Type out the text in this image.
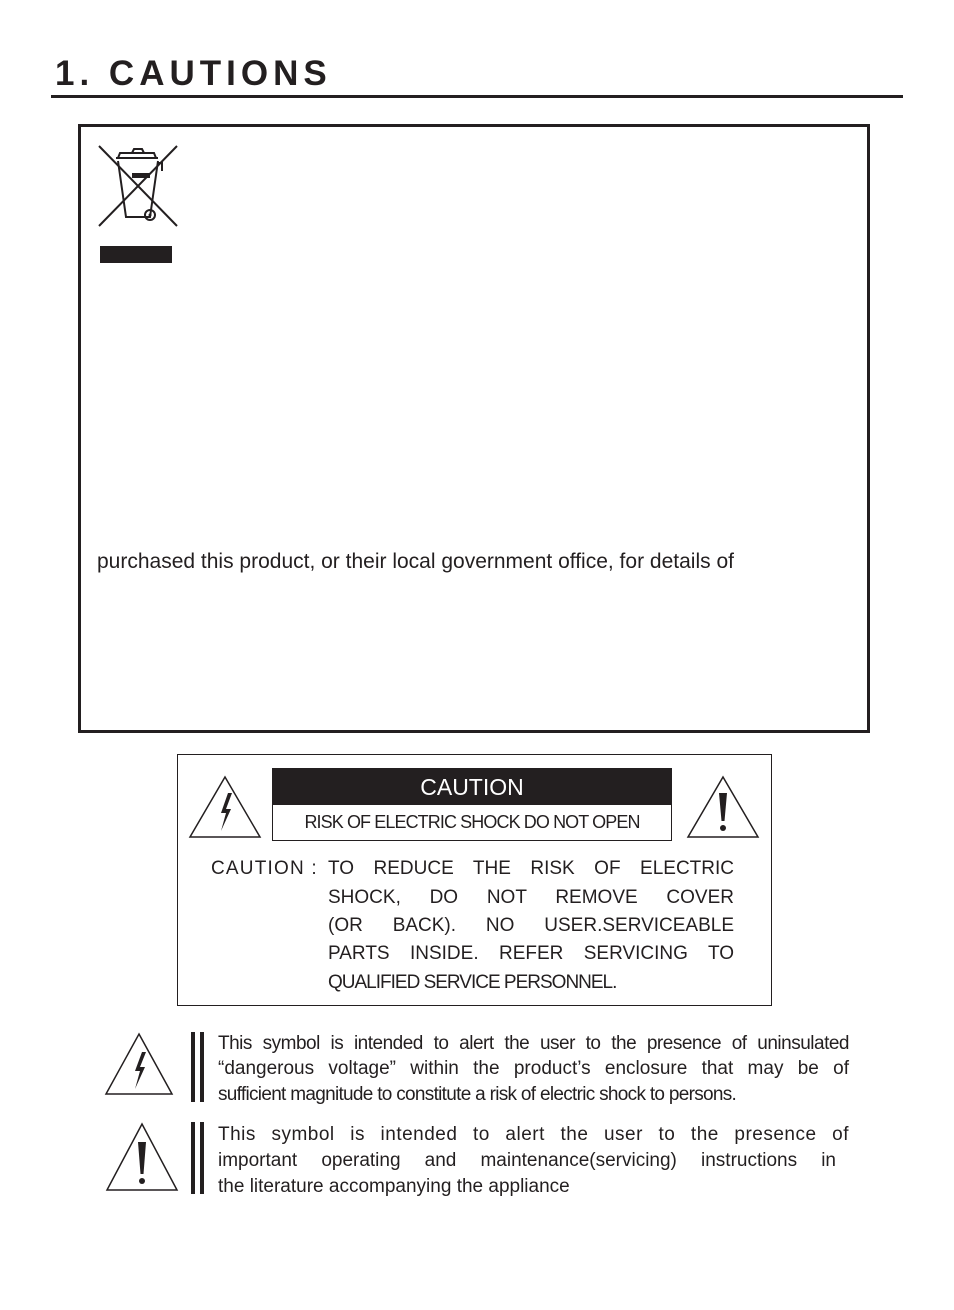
1. CAUTIONS
purchased this product, or their local government office, for details of
CAUTION
RISK OF ELECTRIC SHOCK DO NOT OPEN
CAUTION : TO REDUCE THE RISK OF ELECTRIC
SHOCK, DO NOT REMOVE COVER
(OR BACK). NO USER.SERVICEABLE
PARTS INSIDE. REFER SERVICING TO
QUALIFIED SERVICE PERSONNEL.
This symbol is intended to alert the user to the presence of uninsulated
“dangerous voltage” within the product’s enclosure that may be of
sufficient magnitude to constitute a risk of electric shock to persons.
This symbol is intended to alert the user to the presence of
important operating and maintenance(servicing) instructions in
the literature accompanying the appliance
